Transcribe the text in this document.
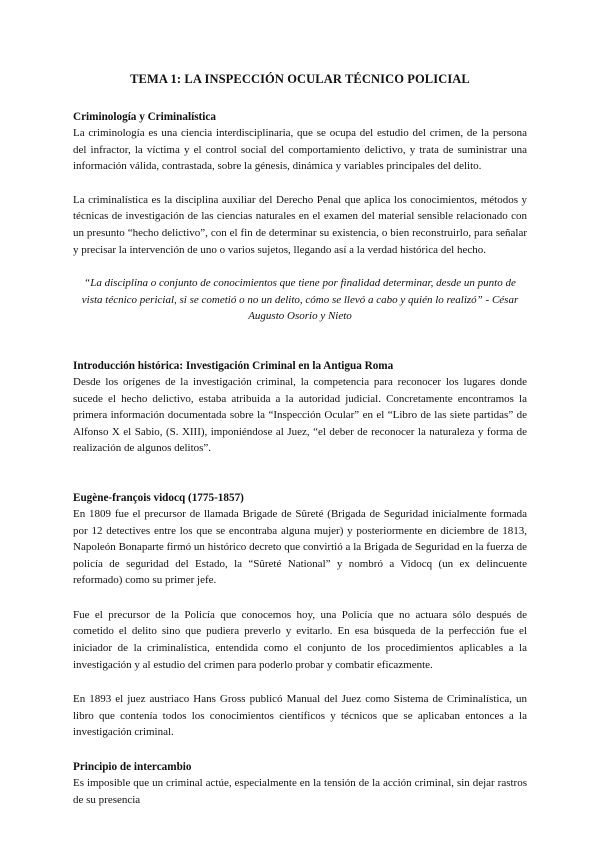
TEMA 1: LA INSPECCIÓN OCULAR TÉCNICO POLICIAL
Criminología y Criminalística

La criminología es una ciencia interdisciplinaria, que se ocupa del estudio del crimen, de la persona del infractor, la víctima y el control social del comportamiento delictivo, y trata de suministrar una información válida, contrastada, sobre la génesis, dinámica y variables principales del delito.

La criminalística es la disciplina auxiliar del Derecho Penal que aplica los conocimientos, métodos y técnicas de investigación de las ciencias naturales en el examen del material sensible relacionado con un presunto “hecho delictivo”, con el fin de determinar su existencia, o bien reconstruirlo, para señalar y precisar la intervención de uno o varios sujetos, llegando así a la verdad histórica del hecho.

“La disciplina o conjunto de conocimientos que tiene por finalidad determinar, desde un punto de vista técnico pericial, si se cometió o no un delito, cómo se llevó a cabo y quién lo realizó” - César Augusto Osorio y Nieto

Introducción histórica: Investigación Criminal en la Antigua Roma

Desde los orígenes de la investigación criminal, la competencia para reconocer los lugares donde sucede el hecho delictivo, estaba atribuida a la autoridad judicial. Concretamente encontramos la primera información documentada sobre la “Inspección Ocular” en el “Libro de las siete partidas” de Alfonso X el Sabio, (S. XIII), imponiéndose al Juez, “el deber de reconocer la naturaleza y forma de realización de algunos delitos”.

Eugène-françois vidocq (1775-1857)

En 1809 fue el precursor de llamada Brigade de Sûreté (Brigada de Seguridad inicialmente formada por 12 detectives entre los que se encontraba alguna mujer) y posteriormente en diciembre de 1813, Napoleón Bonaparte firmó un histórico decreto que convirtió a la Brigada de Seguridad en la fuerza de policía de seguridad del Estado, la “Sûreté National” y nombró a Vidocq (un ex delincuente reformado) como su primer jefe.

Fue el precursor de la Policía que conocemos hoy, una Policía que no actuara sólo después de cometido el delito sino que pudiera preverlo y evitarlo. En esa búsqueda de la perfección fue el iniciador de la criminalística, entendida como el conjunto de los procedimientos aplicables a la investigación y al estudio del crimen para poderlo probar y combatir eficazmente.

En 1893 el juez austriaco Hans Gross publicó Manual del Juez como Sistema de Criminalística, un libro que contenía todos los conocimientos científicos y técnicos que se aplicaban entonces a la investigación criminal.

Principio de intercambio

Es imposible que un criminal actúe, especialmente en la tensión de la acción criminal, sin dejar rastros de su presencia
